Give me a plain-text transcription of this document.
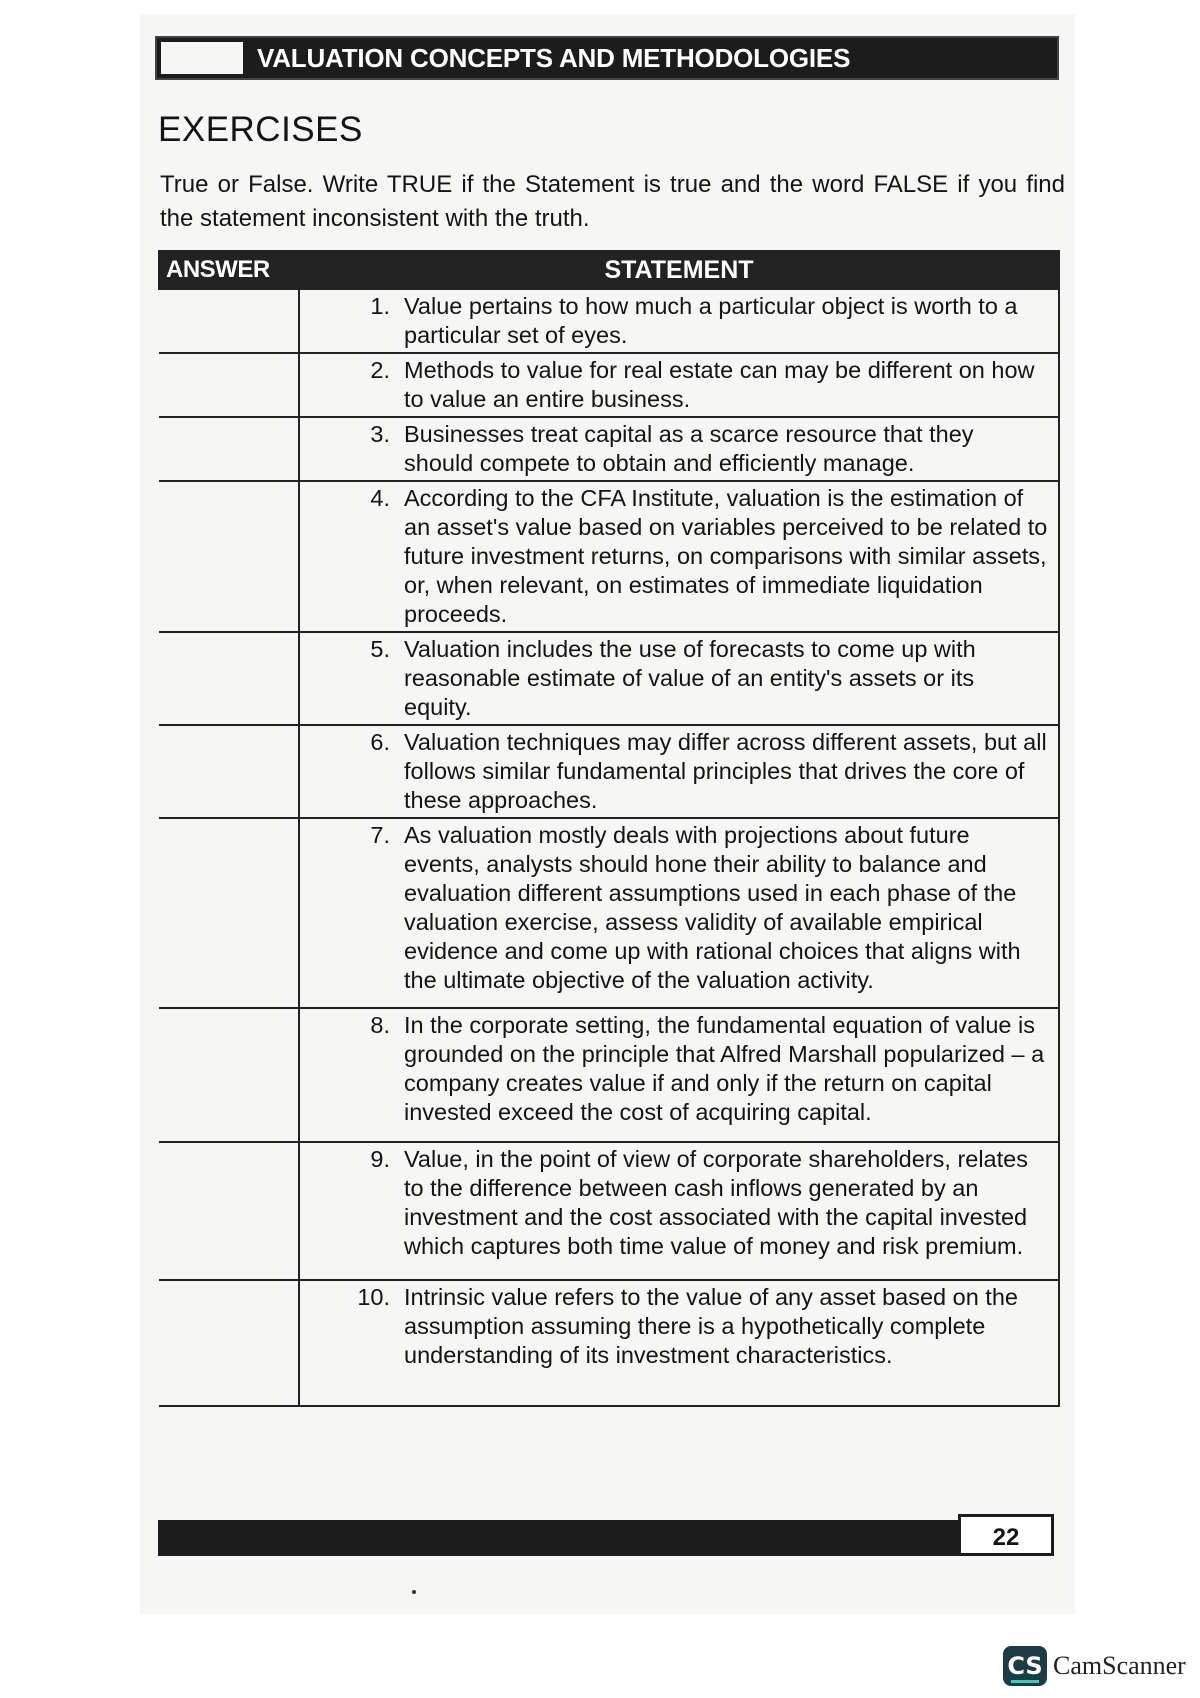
VALUATION CONCEPTS AND METHODOLOGIES
EXERCISES
True or False. Write TRUE if the Statement is true and the word FALSE if you find the statement inconsistent with the truth.
ANSWER	STATEMENT

	1. Value pertains to how much a particular object is worth to a particular set of eyes.

	2. Methods to value for real estate can may be different on how to value an entire business.

	3. Businesses treat capital as a scarce resource that they should compete to obtain and efficiently manage.

	4. According to the CFA Institute, valuation is the estimation of an asset's value based on variables perceived to be related to future investment returns, on comparisons with similar assets, or, when relevant, on estimates of immediate liquidation proceeds.

	5. Valuation includes the use of forecasts to come up with reasonable estimate of value of an entity's assets or its equity.

	6. Valuation techniques may differ across different assets, but all follows similar fundamental principles that drives the core of these approaches.

	7. As valuation mostly deals with projections about future events, analysts should hone their ability to balance and evaluation different assumptions used in each phase of the valuation exercise, assess validity of available empirical evidence and come up with rational choices that aligns with the ultimate objective of the valuation activity.

	8. In the corporate setting, the fundamental equation of value is grounded on the principle that Alfred Marshall popularized – a company creates value if and only if the return on capital invested exceed the cost of acquiring capital.

	9. Value, in the point of view of corporate shareholders, relates to the difference between cash inflows generated by an investment and the cost associated with the capital invested which captures both time value of money and risk premium.

	10. Intrinsic value refers to the value of any asset based on the assumption assuming there is a hypothetically complete understanding of its investment characteristics.
22
CS CamScanner
